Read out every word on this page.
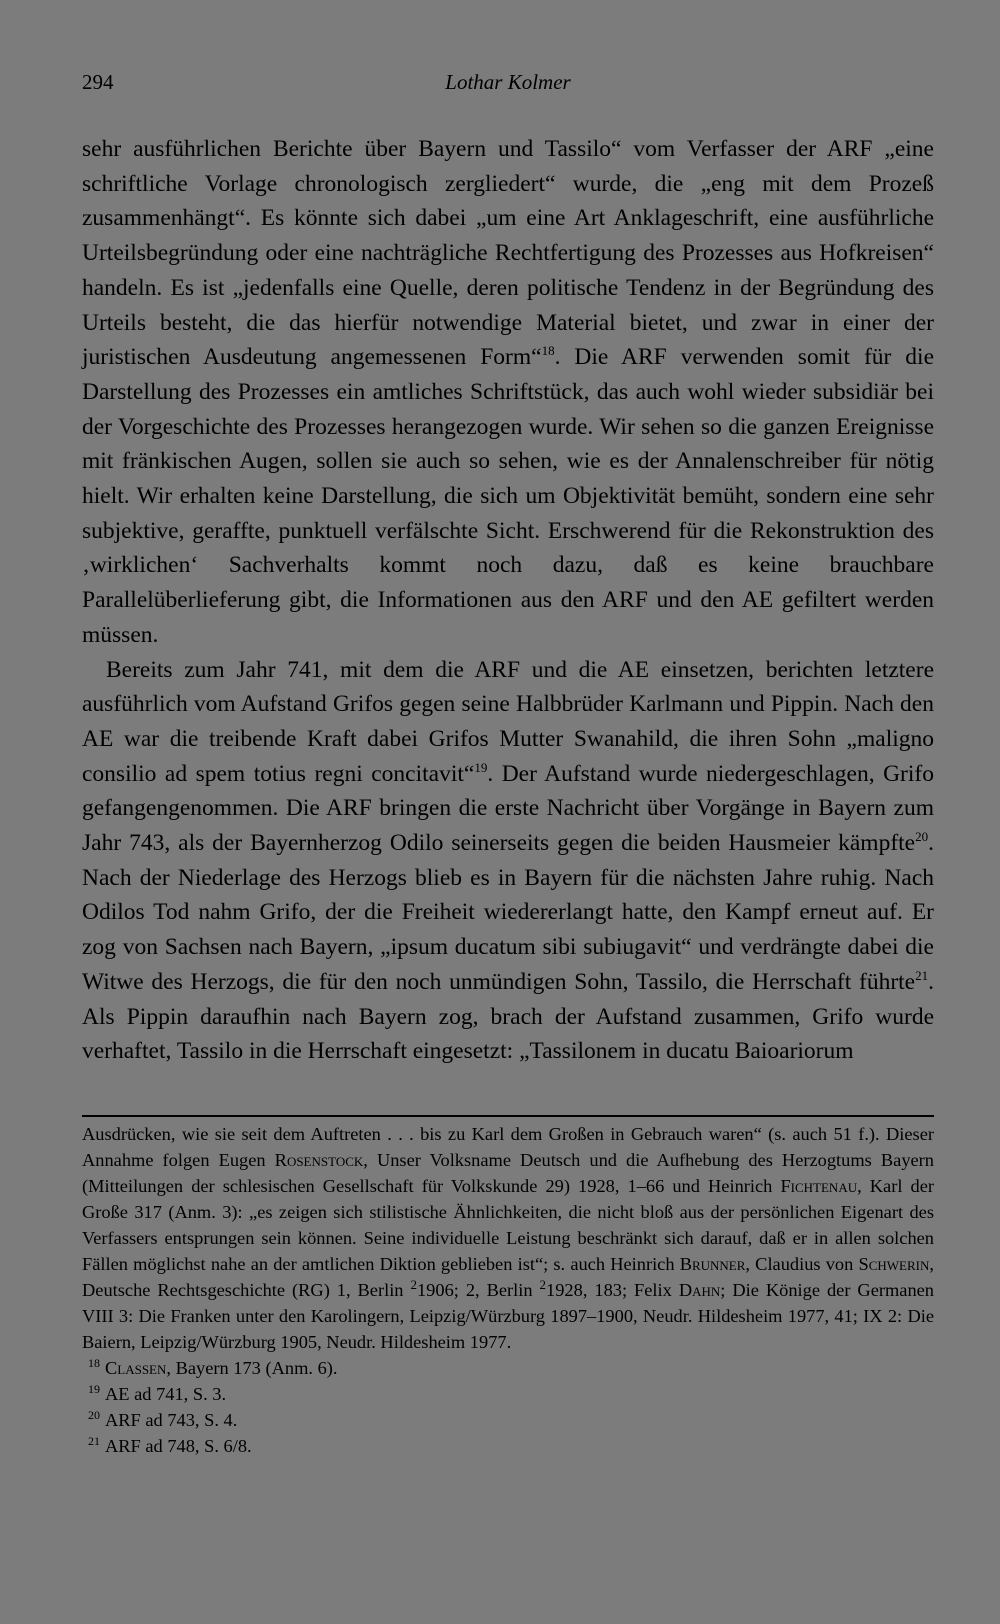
294	Lothar Kolmer

sehr ausführlichen Berichte über Bayern und Tassilo“ vom Verfasser der ARF „eine schriftliche Vorlage chronologisch zergliedert“ wurde, die „eng mit dem Prozeß zusammenhängt“. Es könnte sich dabei „um eine Art Anklageschrift, eine ausführliche Urteilsbegründung oder eine nachträgliche Rechtfertigung des Prozesses aus Hofkreisen“ handeln. Es ist „jedenfalls eine Quelle, deren politische Tendenz in der Begründung des Urteils besteht, die das hierfür notwendige Material bietet, und zwar in einer der juristischen Ausdeutung angemessenen Form“$^{18}$. Die ARF verwenden somit für die Darstellung des Prozesses ein amtliches Schriftstück, das auch wohl wieder subsidiär bei der Vorgeschichte des Prozesses herangezogen wurde. Wir sehen so die ganzen Ereignisse mit fränkischen Augen, sollen sie auch so sehen, wie es der Annalenschreiber für nötig hielt. Wir erhalten keine Darstellung, die sich um Objektivität bemüht, sondern eine sehr subjektive, geraffte, punktuell verfälschte Sicht. Erschwerend für die Rekonstruktion des ‚wirklichen‘ Sachverhalts kommt noch dazu, daß es keine brauchbare Parallelüberlieferung gibt, die Informationen aus den ARF und den AE gefiltert werden müssen.

Bereits zum Jahr 741, mit dem die ARF und die AE einsetzen, berichten letztere ausführlich vom Aufstand Grifos gegen seine Halbbrüder Karlmann und Pippin. Nach den AE war die treibende Kraft dabei Grifos Mutter Swanahild, die ihren Sohn „maligno consilio ad spem totius regni concitavit“$^{19}$. Der Aufstand wurde niedergeschlagen, Grifo gefangengenommen. Die ARF bringen die erste Nachricht über Vorgänge in Bayern zum Jahr 743, als der Bayernherzog Odilo seinerseits gegen die beiden Hausmeier kämpfte$^{20}$. Nach der Niederlage des Herzogs blieb es in Bayern für die nächsten Jahre ruhig. Nach Odilos Tod nahm Grifo, der die Freiheit wiedererlangt hatte, den Kampf erneut auf. Er zog von Sachsen nach Bayern, „ipsum ducatum sibi subiugavit“ und verdrängte dabei die Witwe des Herzogs, die für den noch unmündigen Sohn, Tassilo, die Herrschaft führte$^{21}$. Als Pippin daraufhin nach Bayern zog, brach der Aufstand zusammen, Grifo wurde verhaftet, Tassilo in die Herrschaft eingesetzt: „Tassilonem in ducatu Baioariorum

Ausdrücken, wie sie seit dem Auftreten . . . bis zu Karl dem Großen in Gebrauch waren“ (s. auch 51 f.). Dieser Annahme folgen Eugen Rosenstock, Unser Volksname Deutsch und die Aufhebung des Herzogtums Bayern (Mitteilungen der schlesischen Gesellschaft für Volkskunde 29) 1928, 1–66 und Heinrich Fichtenau, Karl der Große 317 (Anm. 3): „es zeigen sich stilistische Ähnlichkeiten, die nicht bloß aus der persönlichen Eigenart des Verfassers entsprungen sein können. Seine individuelle Leistung beschränkt sich darauf, daß er in allen solchen Fällen möglichst nahe an der amtlichen Diktion geblieben ist“; s. auch Heinrich Brunner, Claudius von Schwerin, Deutsche Rechtsgeschichte (RG) 1, Berlin $^2$1906; 2, Berlin $^2$1928, 183; Felix Dahn; Die Könige der Germanen VIII 3: Die Franken unter den Karolingern, Leipzig/Würzburg 1897–1900, Neudr. Hildesheim 1977, 41; IX 2: Die Baiern, Leipzig/Würzburg 1905, Neudr. Hildesheim 1977.

$^{18}$ Classen, Bayern 173 (Anm. 6).

$^{19}$ AE ad 741, S. 3.

$^{20}$ ARF ad 743, S. 4.

$^{21}$ ARF ad 748, S. 6/8.
